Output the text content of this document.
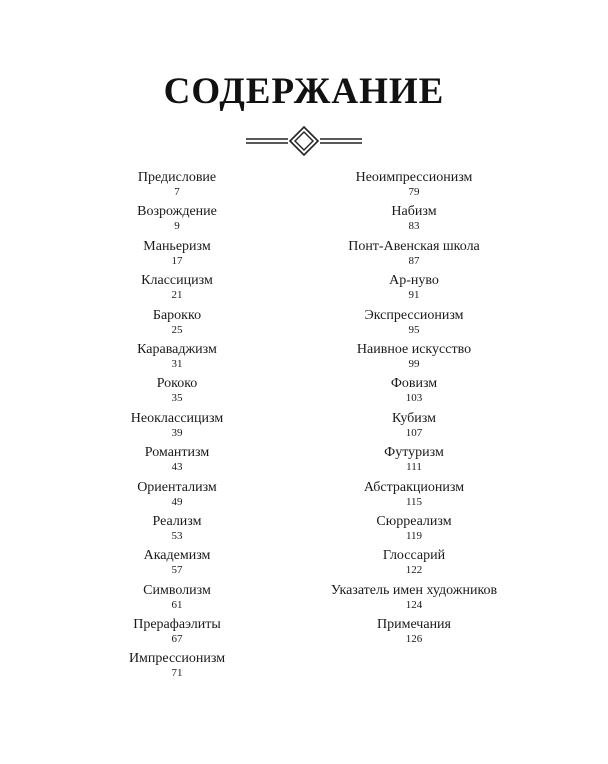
СОДЕРЖАНИЕ
Предисловие
7
Возрождение
9
Маньеризм
17
Классицизм
21
Барокко
25
Караваджизм
31
Рококо
35
Неоклассицизм
39
Романтизм
43
Ориентализм
49
Реализм
53
Академизм
57
Символизм
61
Прерафаэлиты
67
Импрессионизм
71
Неоимпрессионизм
79
Набизм
83
Понт-Авенская школа
87
Ар-нуво
91
Экспрессионизм
95
Наивное искусство
99
Фовизм
103
Кубизм
107
Футуризм
111
Абстракционизм
115
Сюрреализм
119
Глоссарий
122
Указатель имен художников
124
Примечания
126
